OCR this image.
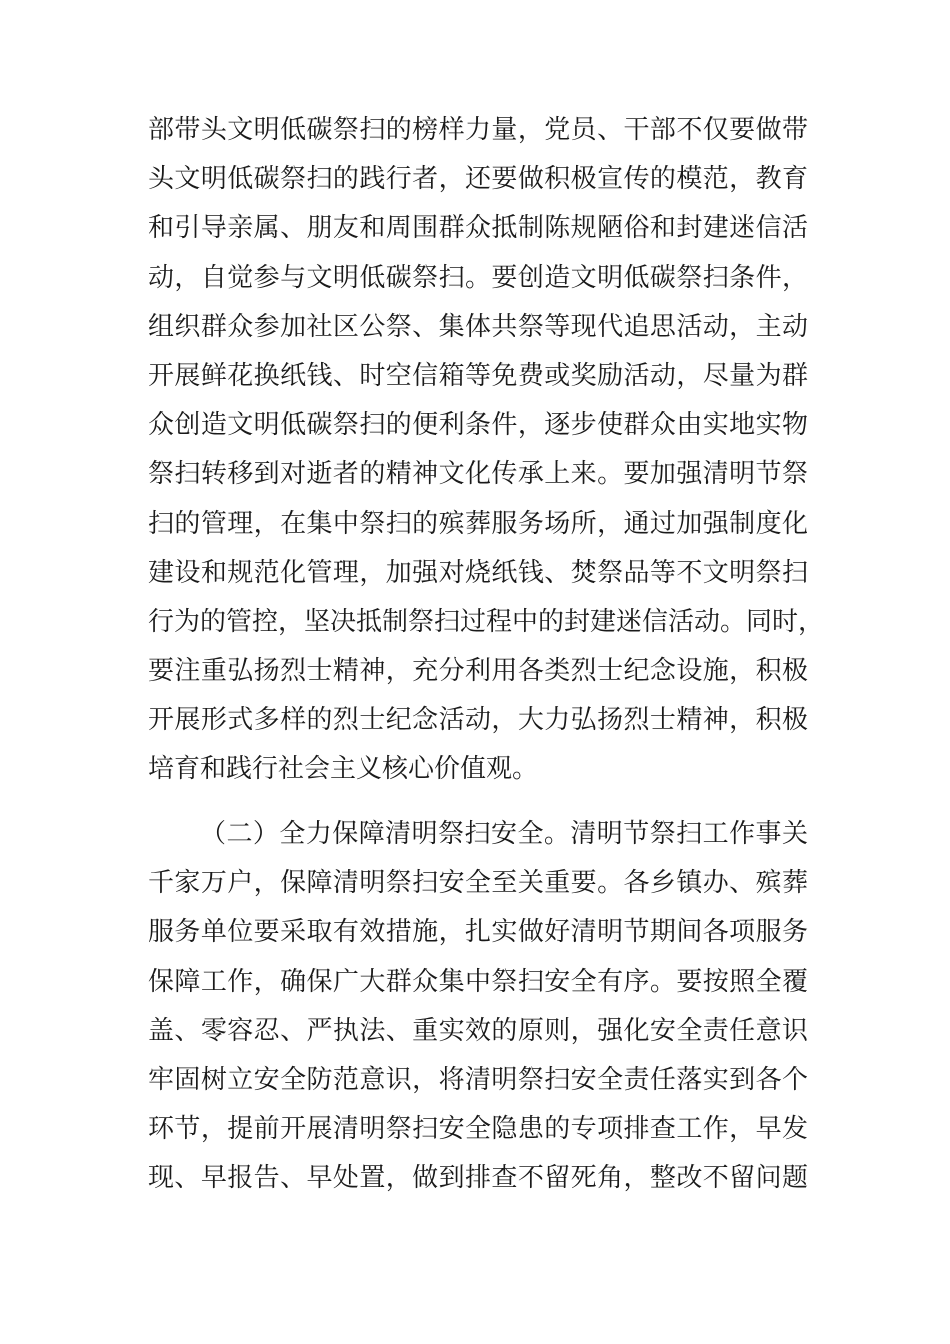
部带头文明低碳祭扫的榜样力量，党员、干部不仅要做带
头文明低碳祭扫的践行者，还要做积极宣传的模范，教育
和引导亲属、朋友和周围群众抵制陈规陋俗和封建迷信活
动，自觉参与文明低碳祭扫。要创造文明低碳祭扫条件，
组织群众参加社区公祭、集体共祭等现代追思活动，主动
开展鲜花换纸钱、时空信箱等免费或奖励活动，尽量为群
众创造文明低碳祭扫的便利条件，逐步使群众由实地实物
祭扫转移到对逝者的精神文化传承上来。要加强清明节祭
扫的管理，在集中祭扫的殡葬服务场所，通过加强制度化
建设和规范化管理，加强对烧纸钱、焚祭品等不文明祭扫
行为的管控，坚决抵制祭扫过程中的封建迷信活动。同时，
要注重弘扬烈士精神，充分利用各类烈士纪念设施，积极
开展形式多样的烈士纪念活动，大力弘扬烈士精神，积极
培育和践行社会主义核心价值观。
（二）全力保障清明祭扫安全。清明节祭扫工作事关
千家万户，保障清明祭扫安全至关重要。各乡镇办、殡葬
服务单位要采取有效措施，扎实做好清明节期间各项服务
保障工作，确保广大群众集中祭扫安全有序。要按照全覆
盖、零容忍、严执法、重实效的原则，强化安全责任意识
牢固树立安全防范意识，将清明祭扫安全责任落实到各个
环节，提前开展清明祭扫安全隐患的专项排查工作，早发
现、早报告、早处置，做到排查不留死角，整改不留问题
